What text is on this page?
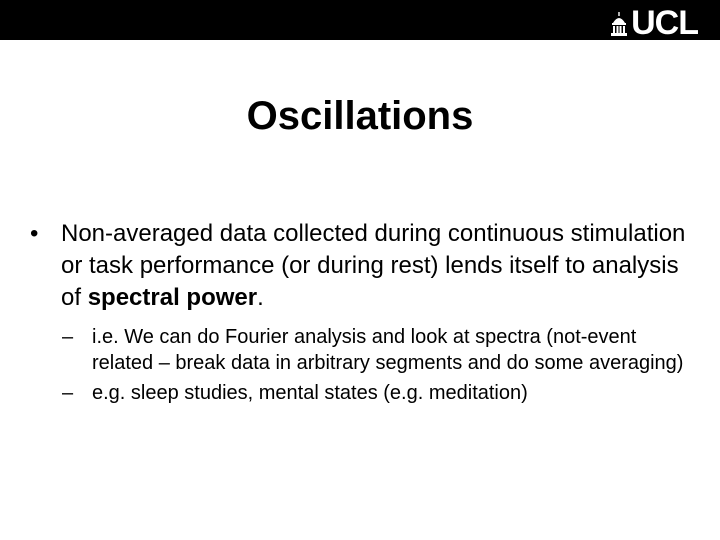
UCL
Oscillations
• Non-averaged data collected during continuous stimulation or task performance (or during rest) lends itself to analysis of spectral power.
– i.e. We can do Fourier analysis and look at spectra (not-event related – break data in arbitrary segments and do some averaging)
– e.g. sleep studies, mental states (e.g. meditation)
